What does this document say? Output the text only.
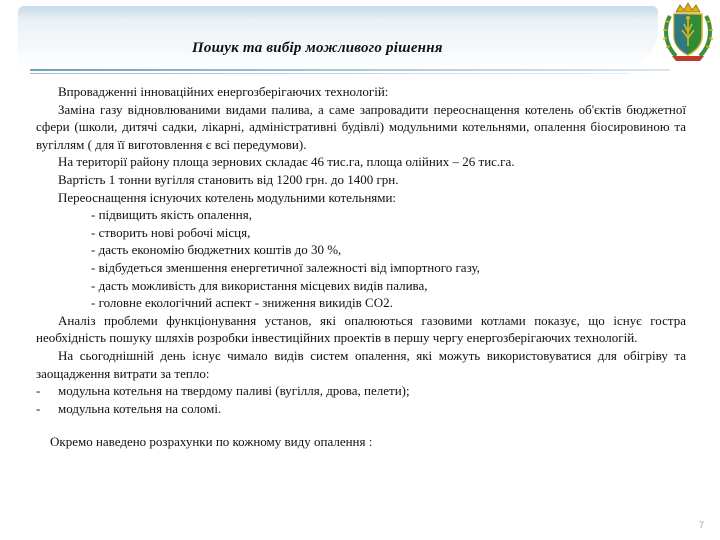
Пошук та вибір можливого рішення

Впровадженні інноваційних енергозберігаючих технологій:

Заміна газу відновлюваними видами палива, а саме запровадити переоснащення котелень об'єктів бюджетної сфери (школи, дитячі садки, лікарні, адміністративні будівлі) модульними котельнями, опалення біосировиною та вугіллям ( для її виготовлення є всі передумови).

На території району площа зернових складає 46 тис.га, площа олійних – 26 тис.га.

Вартість 1 тонни вугілля становить від 1200 грн. до 1400 грн.

Переоснащення існуючих котелень модульними котельнями:

- підвищить якість опалення,

- створить нові робочі місця,

- дасть економію бюджетних коштів до 30 %,

- відбудеться зменшення енергетичної залежності від імпортного газу,

- дасть можливість для використання місцевих видів палива,

- головне екологічний аспект - зниження викидів СО2.

Аналіз проблеми функціонування установ, які опалюються газовими котлами показує, що існує гостра необхідність пошуку шляхів розробки інвестиційних проектів в першу чергу енергозберігаючих технологій.

На сьогоднішній день існує чимало видів систем опалення, які можуть використовуватися для обігріву та заощадження витрати за тепло:

-	модульна котельня на твердому паливі (вугілля, дрова, пелети);
-	модульна котельня на соломі.

Окремо наведено розрахунки по кожному виду опалення :

7
